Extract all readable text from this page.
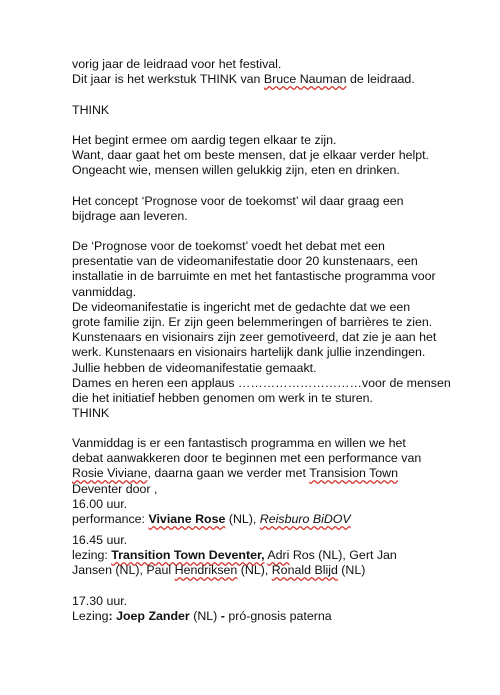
vorig jaar de leidraad voor het festival.
Dit jaar is het werkstuk THINK van Bruce Nauman de leidraad.
THINK
Het begint ermee om aardig tegen elkaar te zijn.
Want, daar gaat het om beste mensen, dat je elkaar verder helpt.
Ongeacht wie, mensen willen gelukkig zijn, eten en drinken.
Het concept ‘Prognose voor de toekomst’ wil daar graag een
bijdrage aan leveren.
De ‘Prognose voor de toekomst’ voedt het debat met een
presentatie van de videomanifestatie door 20 kunstenaars, een
installatie in de barruimte en met het fantastische programma voor
vanmiddag.
De videomanifestatie is ingericht met de gedachte dat we een
grote familie zijn. Er zijn geen belemmeringen of barrières te zien.
Kunstenaars en visionairs zijn zeer gemotiveerd, dat zie je aan het
werk. Kunstenaars en visionairs hartelijk dank jullie inzendingen.
Jullie hebben de videomanifestatie gemaakt.
Dames en heren een applaus …………………………voor de mensen
die het initiatief hebben genomen om werk in te sturen.
THINK
Vanmiddag is er een fantastisch programma en willen we het
debat aanwakkeren door te beginnen met een performance van
Rosie Viviane, daarna gaan we verder met Transision Town
Deventer door ,
16.00 uur.
performance: Viviane Rose (NL), Reisburo BiDOV
16.45 uur.
lezing: Transition Town Deventer, Adri Ros (NL), Gert Jan
Jansen (NL), Paul Hendriksen (NL), Ronald Blijd (NL)
17.30 uur.
Lezing: Joep Zander (NL) - pró-gnosis paterna
